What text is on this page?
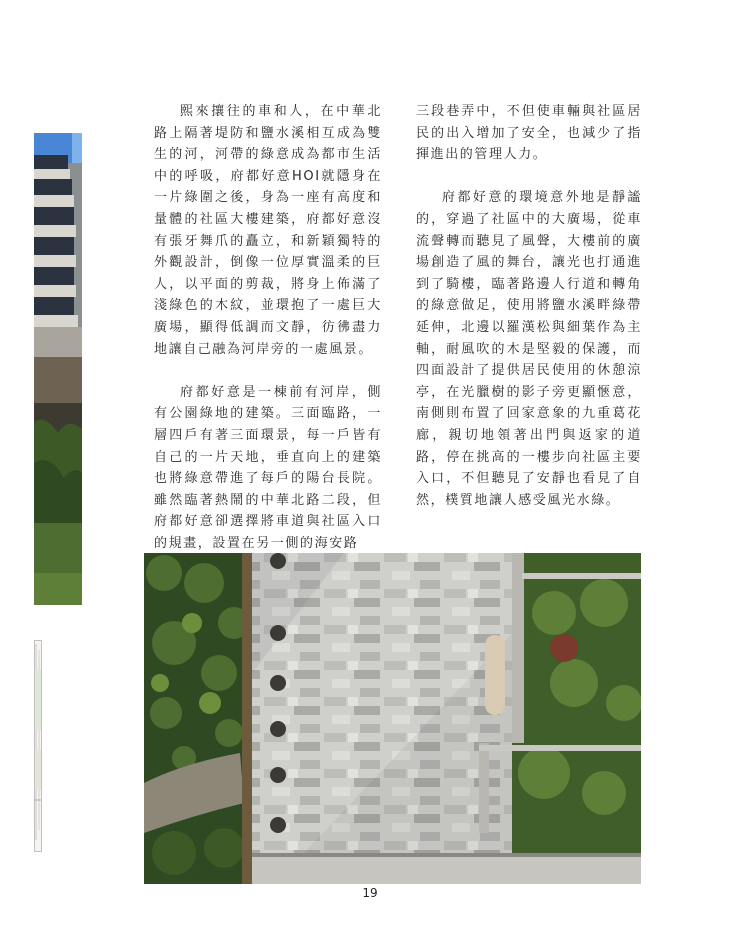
熙來攘往的車和人，在中華北路上隔著堤防和鹽水溪相互成為雙生的河，河帶的綠意成為都市生活中的呼吸，府都好意HOI就隱身在一片綠圍之後，身為一座有高度和量體的社區大樓建築，府都好意沒有張牙舞爪的矗立，和新穎獨特的外觀設計，倒像一位厚實溫柔的巨人，以平面的剪裁，將身上佈滿了淺綠色的木紋，並環抱了一處巨大廣場，顯得低調而文靜，彷彿盡力地讓自己融為河岸旁的一處風景。

府都好意是一棟前有河岸，側有公園綠地的建築。三面臨路，一層四戶有著三面環景，每一戶皆有自己的一片天地，垂直向上的建築也將綠意帶進了每戶的陽台長院。雖然臨著熱鬧的中華北路二段，但府都好意卻選擇將車道與社區入口的規畫，設置在另一側的海安路

三段巷弄中，不但使車輛與社區居民的出入增加了安全，也減少了指揮進出的管理人力。

府都好意的環境意外地是靜謐的，穿過了社區中的大廣場，從車流聲轉而聽見了風聲，大樓前的廣場創造了風的舞台，讓光也打通進到了騎樓，臨著路邊人行道和轉角的綠意做足，使用將鹽水溪畔綠帶延伸，北邊以羅漢松與細葉作為主軸，耐風吹的木是堅毅的保護，而四面設計了提供居民使用的休憩涼亭，在光臘樹的影子旁更顯愜意，南側則布置了回家意象的九重葛花廊，親切地領著出門與返家的道路，停在挑高的一樓步向社區主要入口，不但聽見了安靜也看見了自然，樸質地讓人感受風光水綠。

19
